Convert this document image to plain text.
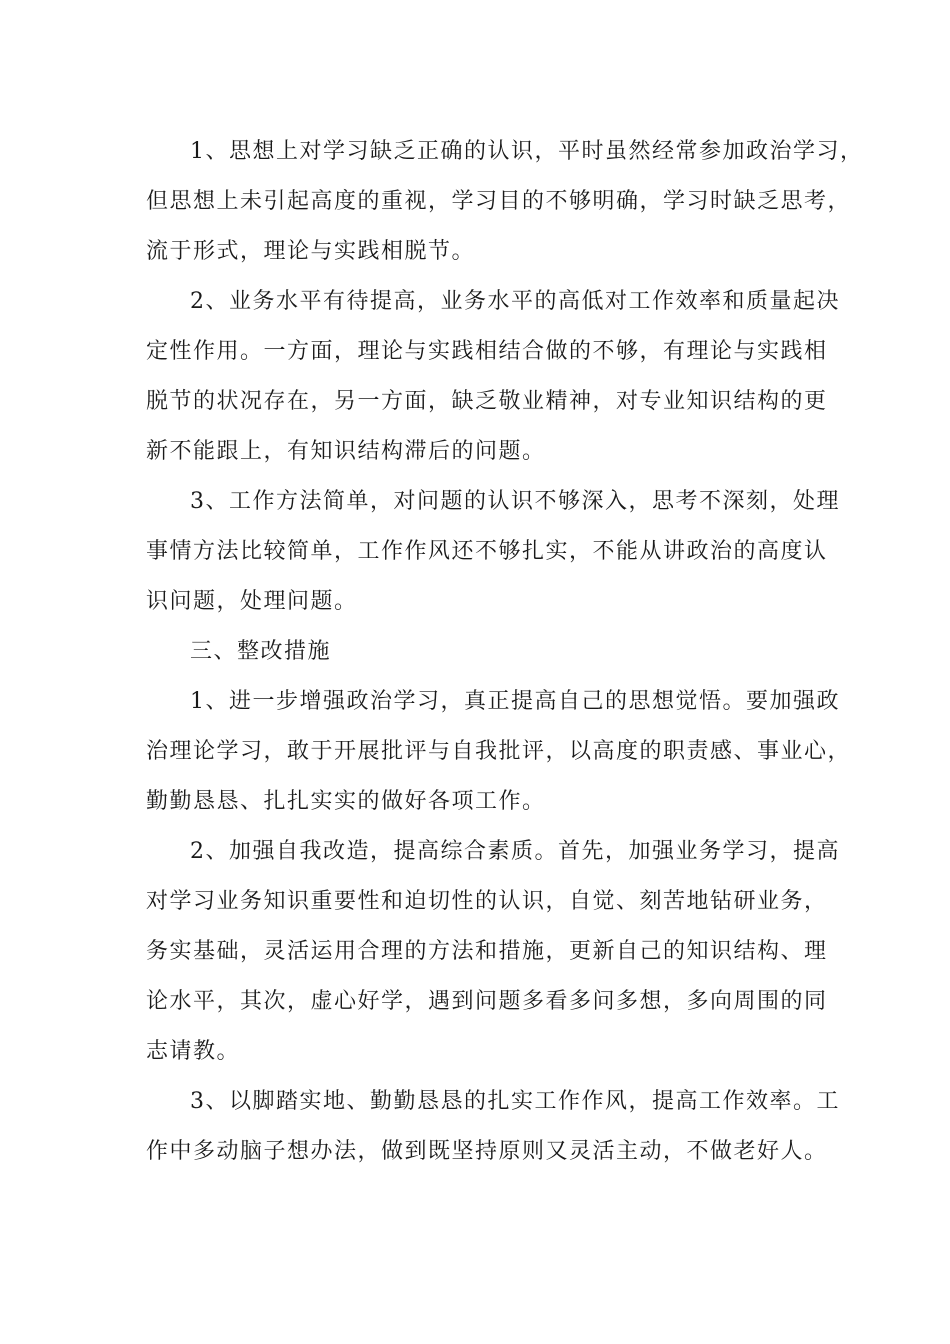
1、思想上对学习缺乏正确的认识，平时虽然经常参加政治学习，
但思想上未引起高度的重视，学习目的不够明确，学习时缺乏思考，
流于形式，理论与实践相脱节。
2、业务水平有待提高，业务水平的高低对工作效率和质量起决
定性作用。一方面，理论与实践相结合做的不够，有理论与实践相
脱节的状况存在，另一方面，缺乏敬业精神，对专业知识结构的更
新不能跟上，有知识结构滞后的问题。
3、工作方法简单，对问题的认识不够深入，思考不深刻，处理
事情方法比较简单，工作作风还不够扎实，不能从讲政治的高度认
识问题，处理问题。
三、整改措施
1、进一步增强政治学习，真正提高自己的思想觉悟。要加强政
治理论学习，敢于开展批评与自我批评，以高度的职责感、事业心，
勤勤恳恳、扎扎实实的做好各项工作。
2、加强自我改造，提高综合素质。首先，加强业务学习，提高
对学习业务知识重要性和迫切性的认识，自觉、刻苦地钻研业务，
务实基础，灵活运用合理的方法和措施，更新自己的知识结构、理
论水平，其次，虚心好学，遇到问题多看多问多想，多向周围的同
志请教。
3、以脚踏实地、勤勤恳恳的扎实工作作风，提高工作效率。工
作中多动脑子想办法，做到既坚持原则又灵活主动，不做老好人。
